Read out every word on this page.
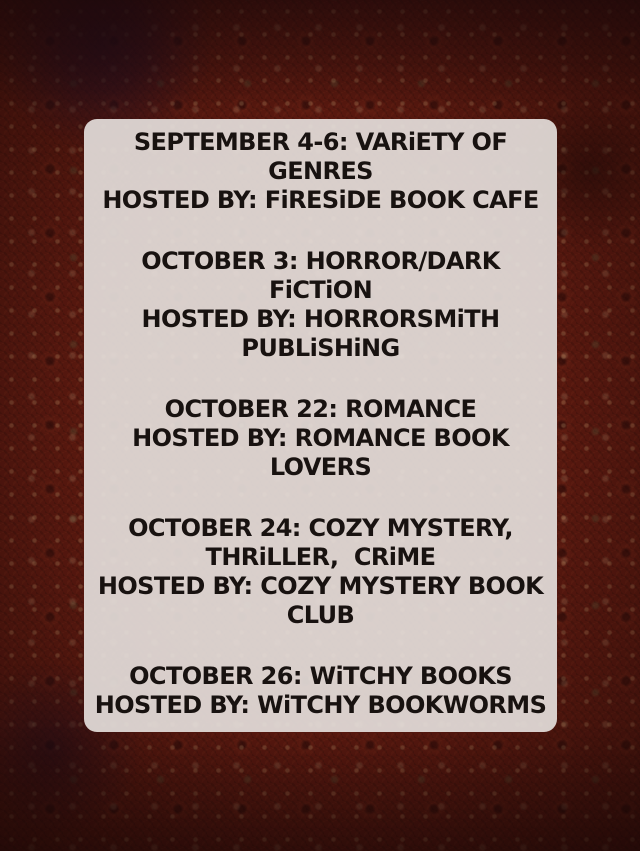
SEPTEMBER 4-6: VARiETY OF
GENRES
HOSTED BY: FiRESiDE BOOK CAFE
OCTOBER 3: HORROR/DARK
FiCTiON
HOSTED BY: HORRORSMiTH
PUBLiSHiNG
OCTOBER 22: ROMANCE
HOSTED BY: ROMANCE BOOK
LOVERS
OCTOBER 24: COZY MYSTERY,
THRiLLER,  CRiME
HOSTED BY: COZY MYSTERY BOOK
CLUB
OCTOBER 26: WiTCHY BOOKS
HOSTED BY: WiTCHY BOOKWORMS
